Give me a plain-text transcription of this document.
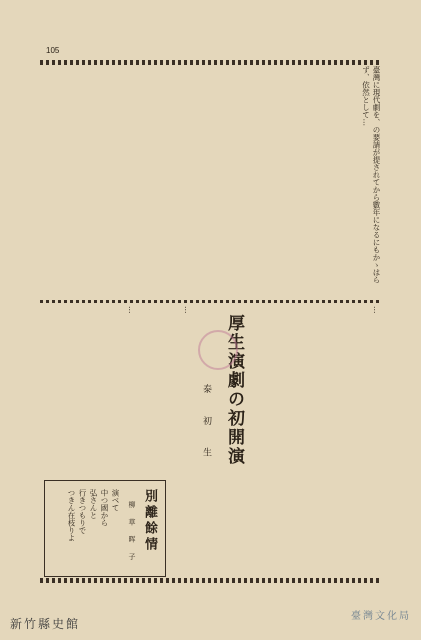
105
臺灣に現代劇を、の要請が提されてから數年になるにもかゝはらず、依然として…
…
厚生演劇の初開演
泰 初 生
…
…
別離餘情
柳 草 晖 子
演ベて
中つ國から
弘さんと
行きつもりで
つきん在枝りよ
新竹縣史館
臺灣文化局
